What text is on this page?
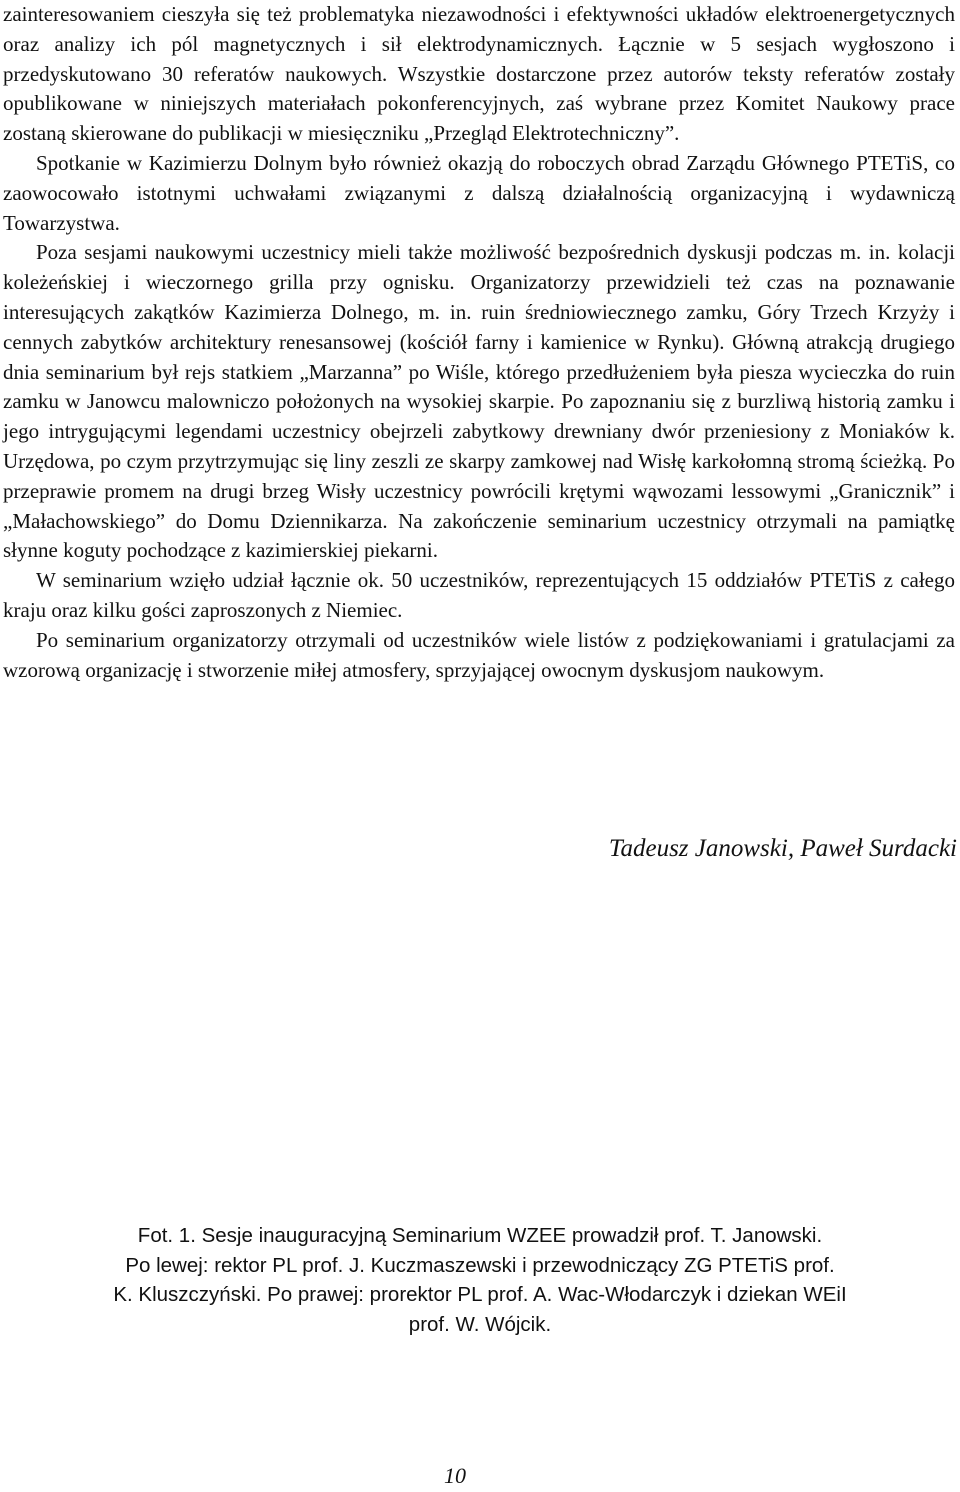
zainteresowaniem cieszyła się też problematyka niezawodności i efektywności układów elektroenergetycznych oraz analizy ich pól magnetycznych i sił elektrodynamicznych. Łącznie w 5 sesjach wygłoszono i przedyskutowano 30 referatów naukowych. Wszystkie dostarczone przez autorów teksty referatów zostały opublikowane w niniejszych materiałach pokonferencyjnych, zaś wybrane przez Komitet Naukowy prace zostaną skierowane do publikacji w miesięczniku „Przegląd Elektrotechniczny”.

Spotkanie w Kazimierzu Dolnym było również okazją do roboczych obrad Zarządu Głównego PTETiS, co zaowocowało istotnymi uchwałami związanymi z dalszą działalnością organizacyjną i wydawniczą Towarzystwa.

Poza sesjami naukowymi uczestnicy mieli także możliwość bezpośrednich dyskusji podczas m. in. kolacji koleżeńskiej i wieczornego grilla przy ognisku. Organizatorzy przewidzieli też czas na poznawanie interesujących zakątków Kazimierza Dolnego, m. in. ruin średniowiecznego zamku, Góry Trzech Krzyży i cennych zabytków architektury renesansowej (kościół farny i kamienice w Rynku). Główną atrakcją drugiego dnia seminarium był rejs statkiem „Marzanna” po Wiśle, którego przedłużeniem była piesza wycieczka do ruin zamku w Janowcu malowniczo położonych na wysokiej skarpie. Po zapoznaniu się z burzliwą historią zamku i jego intrygującymi legendami uczestnicy obejrzeli zabytkowy drewniany dwór przeniesiony z Moniaków k. Urzędowa, po czym przytrzymując się liny zeszli ze skarpy zamkowej nad Wisłę karkołomną stromą ścieżką. Po przeprawie promem na drugi brzeg Wisły uczestnicy powrócili krętymi wąwozami lessowymi „Granicznik” i „Małachowskiego” do Domu Dziennikarza. Na zakończenie seminarium uczestnicy otrzymali na pamiątkę słynne koguty pochodzące z kazimierskiej piekarni.

W seminarium wzięło udział łącznie ok. 50 uczestników, reprezentujących 15 oddziałów PTETiS z całego kraju oraz kilku gości zaproszonych z Niemiec.

Po seminarium organizatorzy otrzymali od uczestników wiele listów z podziękowaniami i gratulacjami za wzorową organizację i stworzenie miłej atmosfery, sprzyjającej owocnym dyskusjom naukowym.

Tadeusz Janowski, Paweł Surdacki
Fot. 1. Sesje inauguracyjną Seminarium WZEE prowadził prof. T. Janowski.
Po lewej: rektor PL prof. J. Kuczmaszewski i przewodniczący ZG PTETiS prof.
K. Kluszczyński. Po prawej: prorektor PL prof. A. Wac-Włodarczyk i dziekan WEiI
prof. W. Wójcik.
10
